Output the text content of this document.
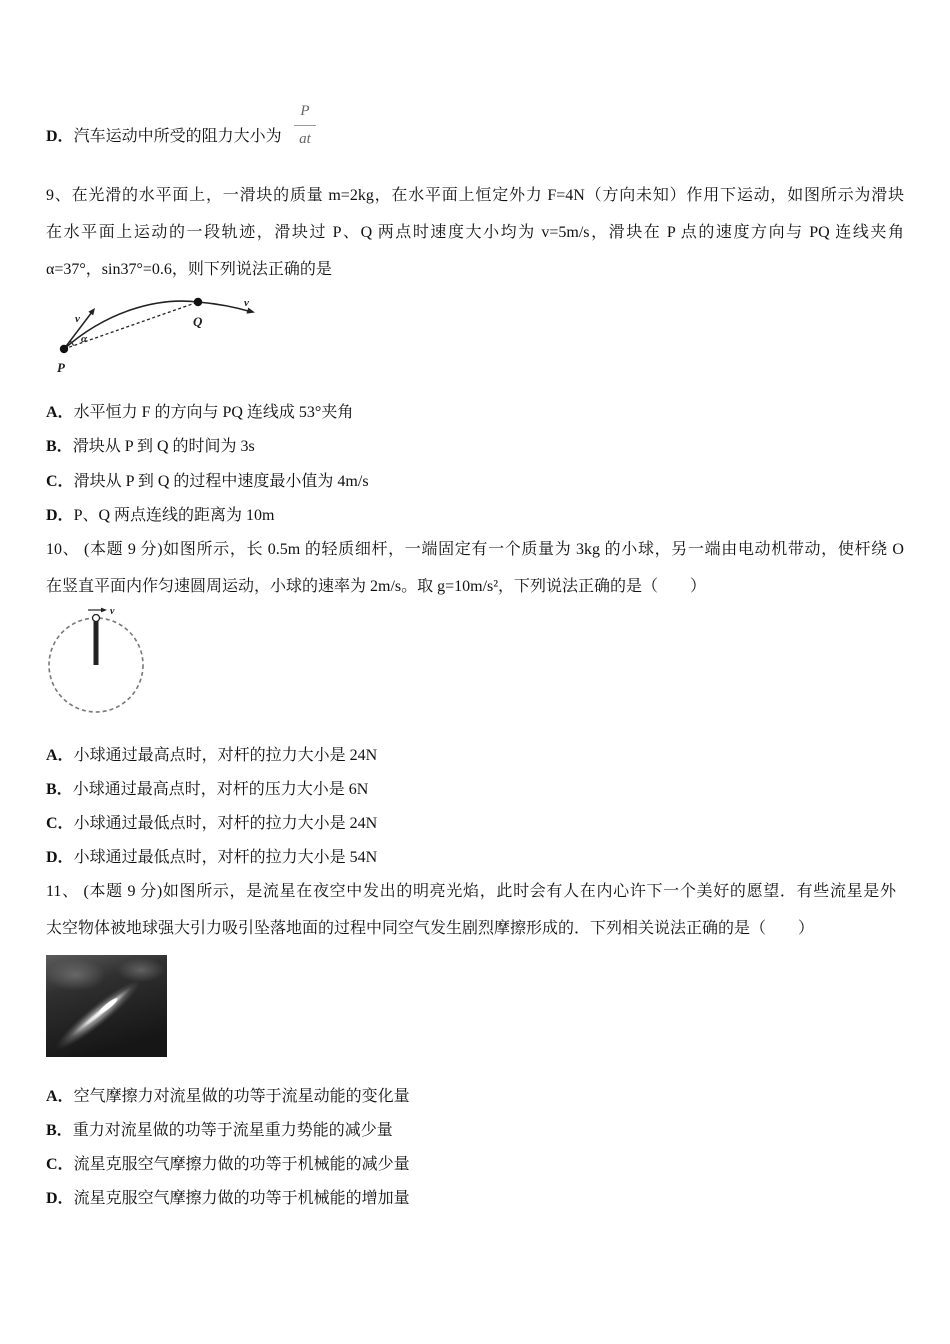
D．汽车运动中所受的阻力大小为
P
at
9、在光滑的水平面上，一滑块的质量 m=2kg，在水平面上恒定外力 F=4N（方向未知）作用下运动，如图所示为滑块
在水平面上运动的一段轨迹，滑块过 P、Q 两点时速度大小均为 v=5m/s，滑块在 P 点的速度方向与 PQ 连线夹角
α=37°，sin37°=0.6，则下列说法正确的是
v
α
P
Q
v
A．水平恒力 F 的方向与 PQ 连线成 53°夹角
B．滑块从 P 到 Q 的时间为 3s
C．滑块从 P 到 Q 的过程中速度最小值为 4m/s
D．P、Q 两点连线的距离为 10m
10、 (本题 9 分)如图所示，长 0.5m 的轻质细杆，一端固定有一个质量为 3kg 的小球，另一端由电动机带动，使杆绕 O
在竖直平面内作匀速圆周运动，小球的速率为 2m/s。取 g=10m/s²，下列说法正确的是（　　）
v
A．小球通过最高点时，对杆的拉力大小是 24N
B．小球通过最高点时，对杆的压力大小是 6N
C．小球通过最低点时，对杆的拉力大小是 24N
D．小球通过最低点时，对杆的拉力大小是 54N
11、 (本题 9 分)如图所示，是流星在夜空中发出的明亮光焰，此时会有人在内心许下一个美好的愿望．有些流星是外
太空物体被地球强大引力吸引坠落地面的过程中同空气发生剧烈摩擦形成的．下列相关说法正确的是（　　）
A．空气摩擦力对流星做的功等于流星动能的变化量
B．重力对流星做的功等于流星重力势能的减少量
C．流星克服空气摩擦力做的功等于机械能的减少量
D．流星克服空气摩擦力做的功等于机械能的增加量
